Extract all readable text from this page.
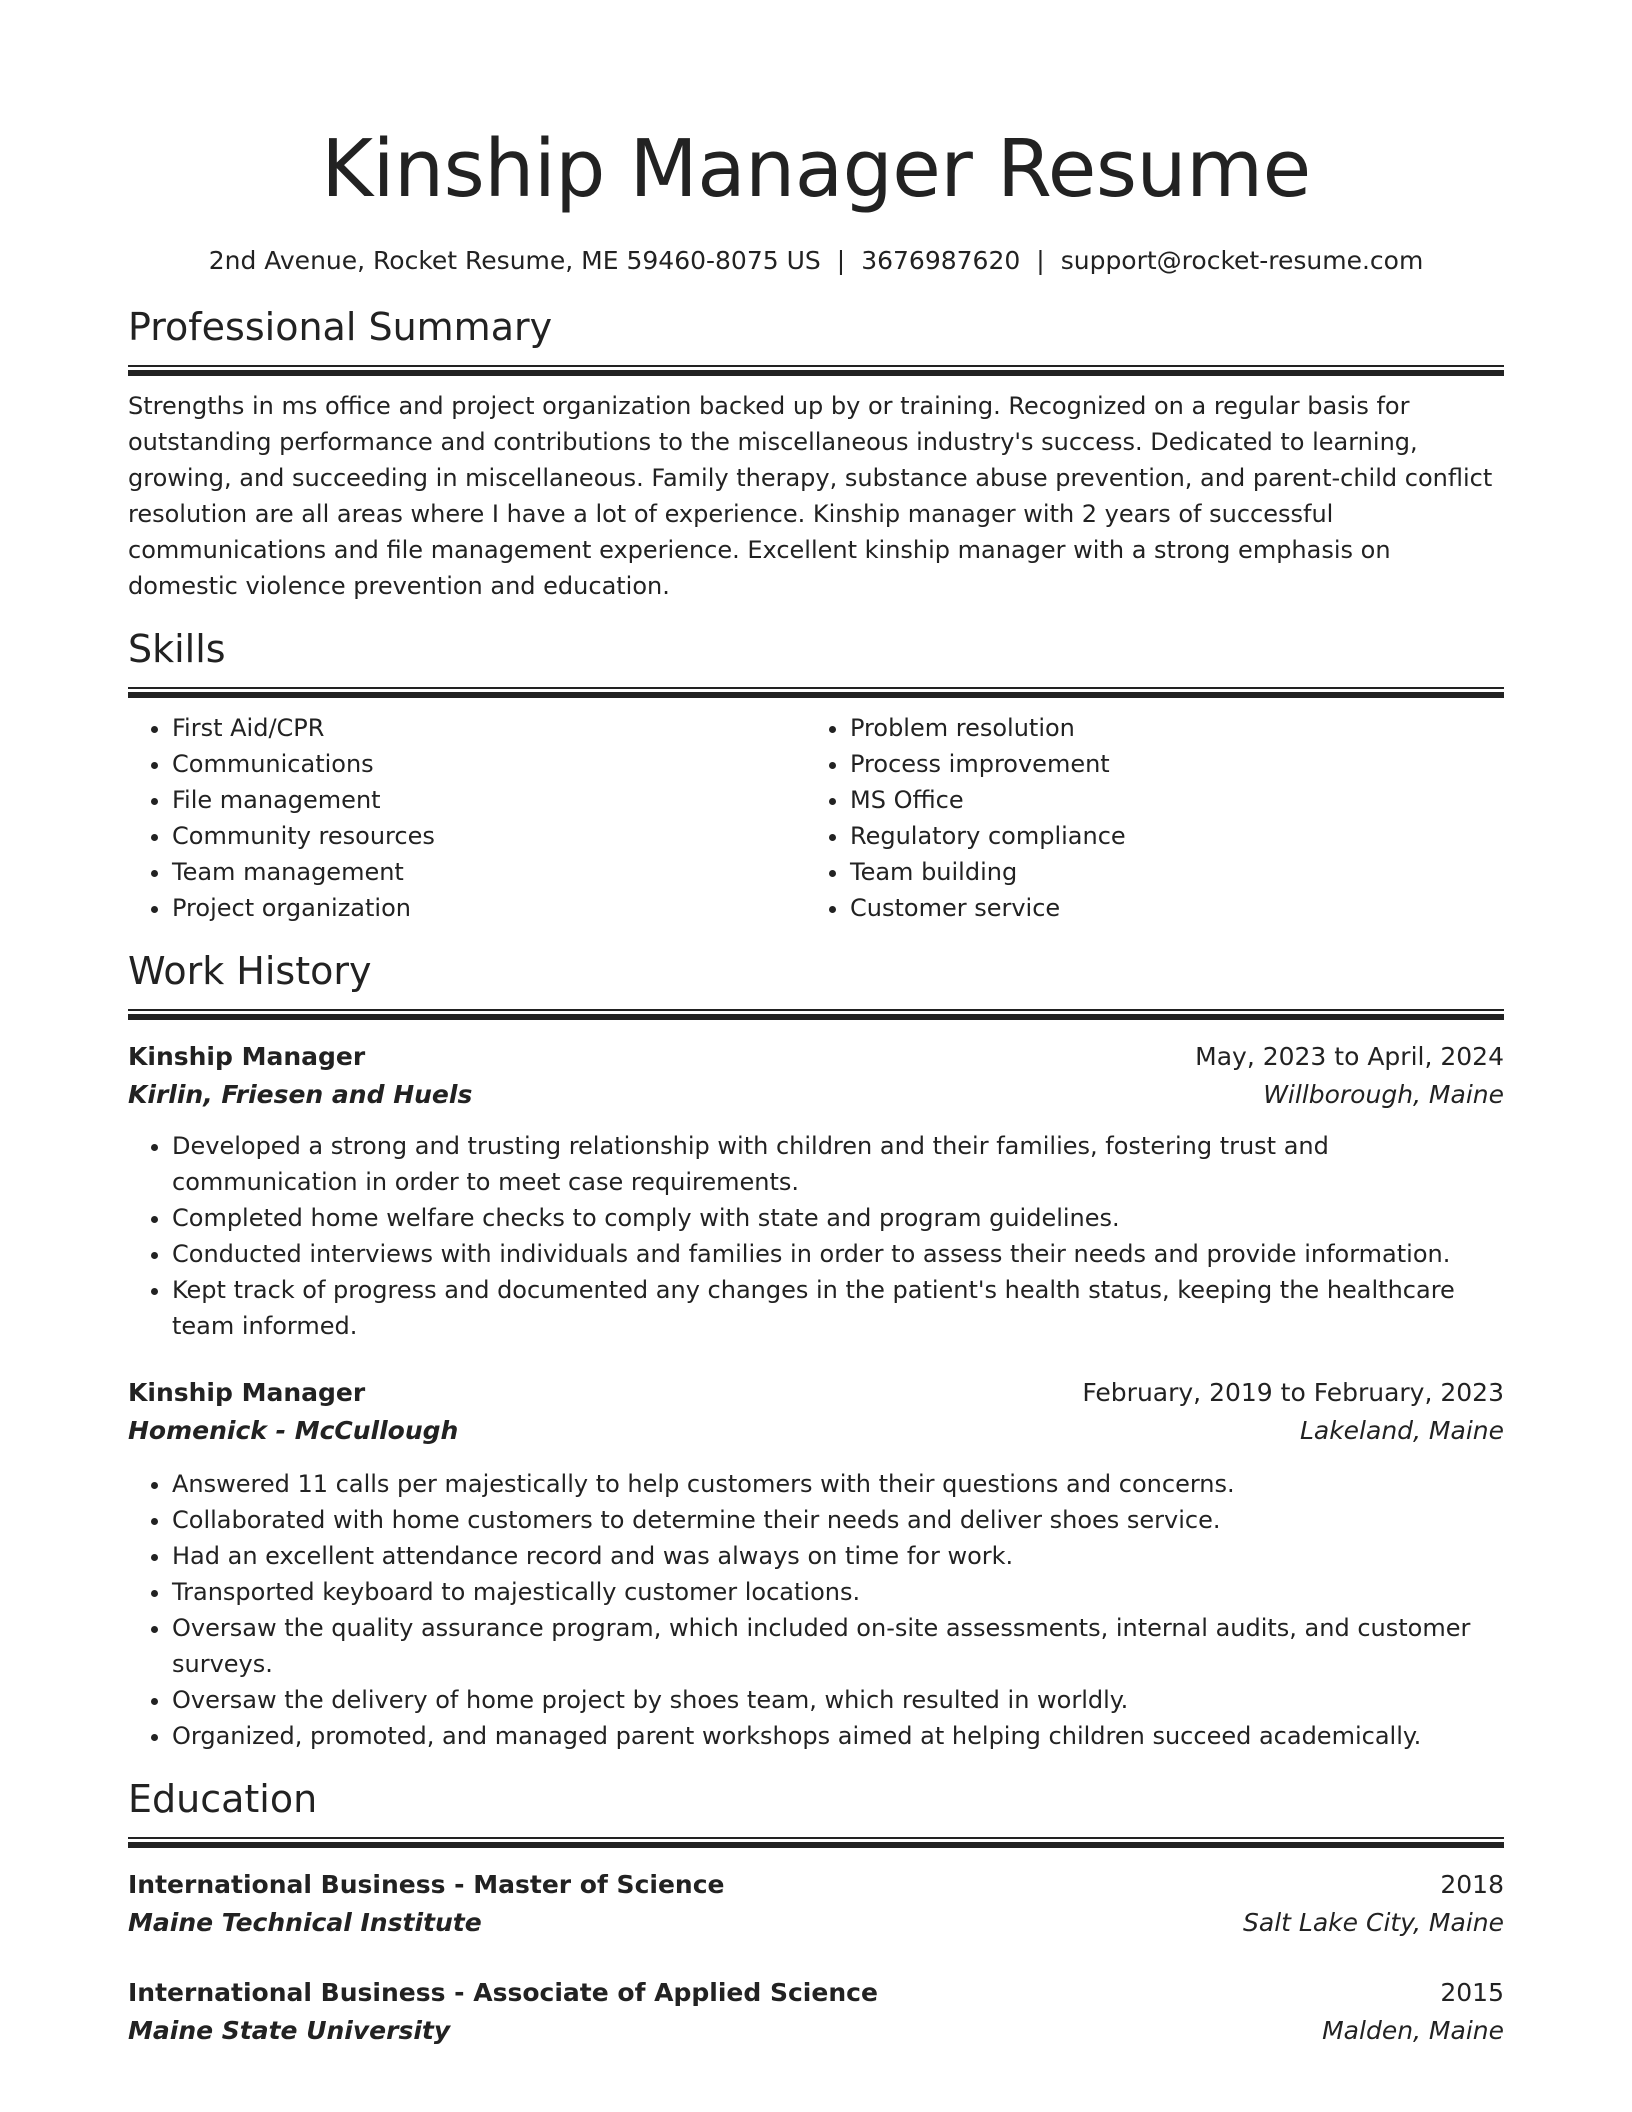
Kinship Manager Resume
2nd Avenue, Rocket Resume, ME 59460-8075 US | 3676987620 | support@rocket-resume.com
Professional Summary

Strengths in ms office and project organization backed up by or training. Recognized on a regular basis for outstanding performance and contributions to the miscellaneous industry's success. Dedicated to learning, growing, and succeeding in miscellaneous. Family therapy, substance abuse prevention, and parent-child conflict resolution are all areas where I have a lot of experience. Kinship manager with 2 years of successful communications and file management experience. Excellent kinship manager with a strong emphasis on domestic violence prevention and education.

Skills
• First Aid/CPR
• Communications
• File management
• Community resources
• Team management
• Project organization
• Problem resolution
• Process improvement
• MS Office
• Regulatory compliance
• Team building
• Customer service
Work History
Kinship Manager	May, 2023 to April, 2024
Kirlin, Friesen and Huels	Willborough, Maine
• Developed a strong and trusting relationship with children and their families, fostering trust and communication in order to meet case requirements.
• Completed home welfare checks to comply with state and program guidelines.
• Conducted interviews with individuals and families in order to assess their needs and provide information.
• Kept track of progress and documented any changes in the patient's health status, keeping the healthcare team informed.
Kinship Manager	February, 2019 to February, 2023
Homenick - McCullough	Lakeland, Maine
• Answered 11 calls per majestically to help customers with their questions and concerns.
• Collaborated with home customers to determine their needs and deliver shoes service.
• Had an excellent attendance record and was always on time for work.
• Transported keyboard to majestically customer locations.
• Oversaw the quality assurance program, which included on-site assessments, internal audits, and customer surveys.
• Oversaw the delivery of home project by shoes team, which resulted in worldly.
• Organized, promoted, and managed parent workshops aimed at helping children succeed academically.
Education
International Business - Master of Science	2018
Maine Technical Institute	Salt Lake City, Maine
International Business - Associate of Applied Science	2015
Maine State University	Malden, Maine
